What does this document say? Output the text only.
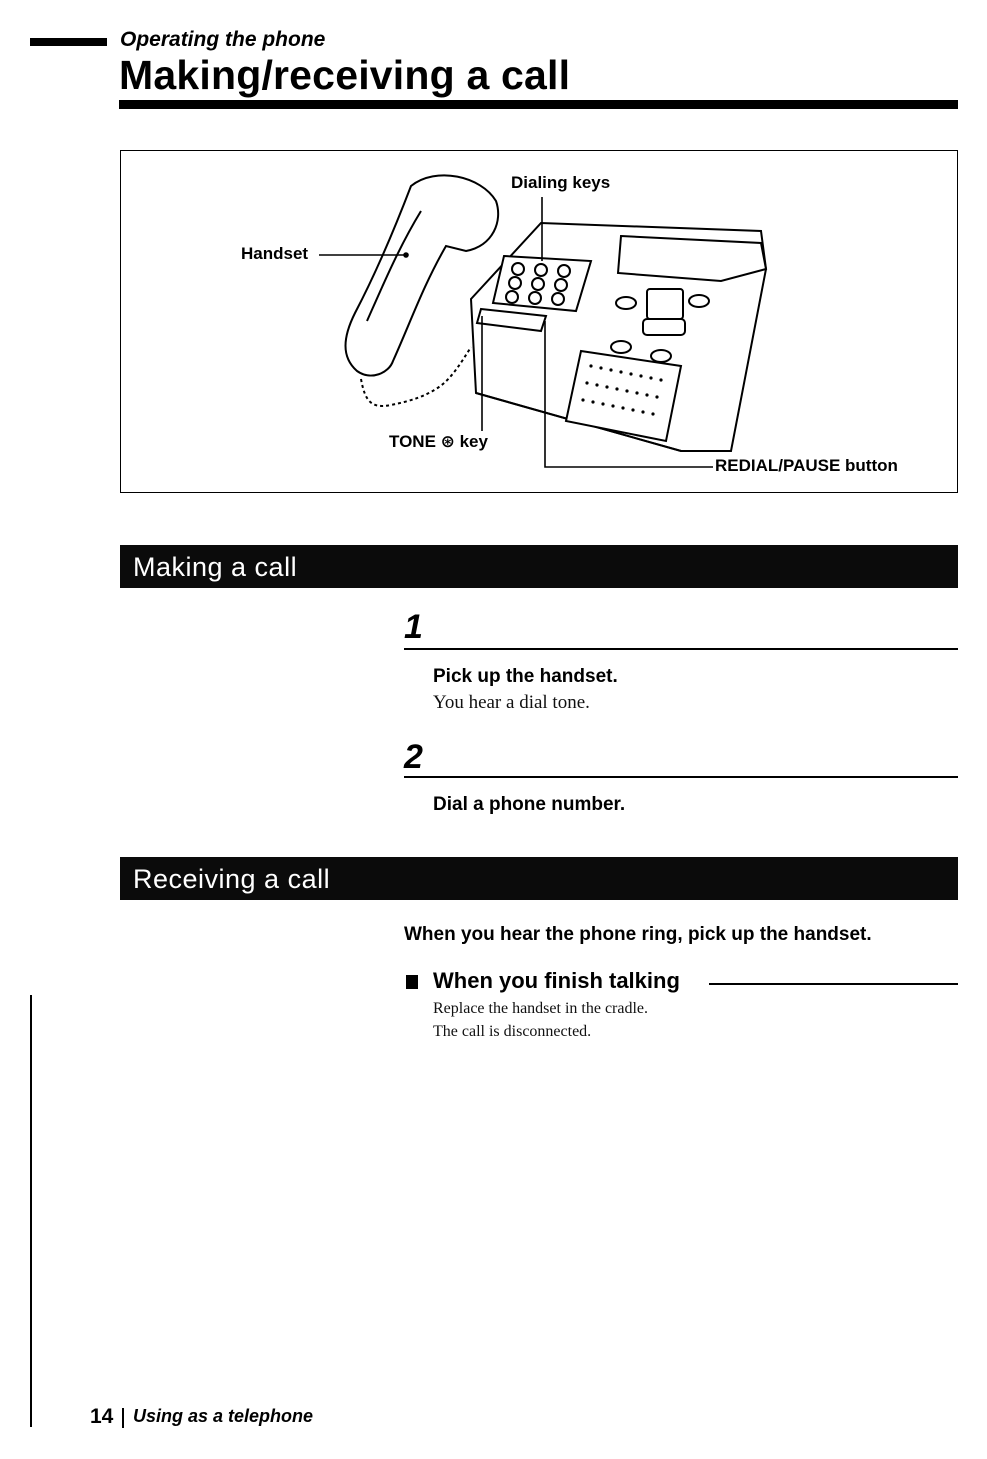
Operating the phone
Making/receiving a call
Dialing keys
Handset
TONE ⊛ key
REDIAL/PAUSE button
Making a call
1
Pick up the handset.
You hear a dial tone.
2
Dial a phone number.
Receiving a call
When you hear the phone ring, pick up the handset.
When you finish talking
Replace the handset in the cradle.
The call is disconnected.
14 Using as a telephone
